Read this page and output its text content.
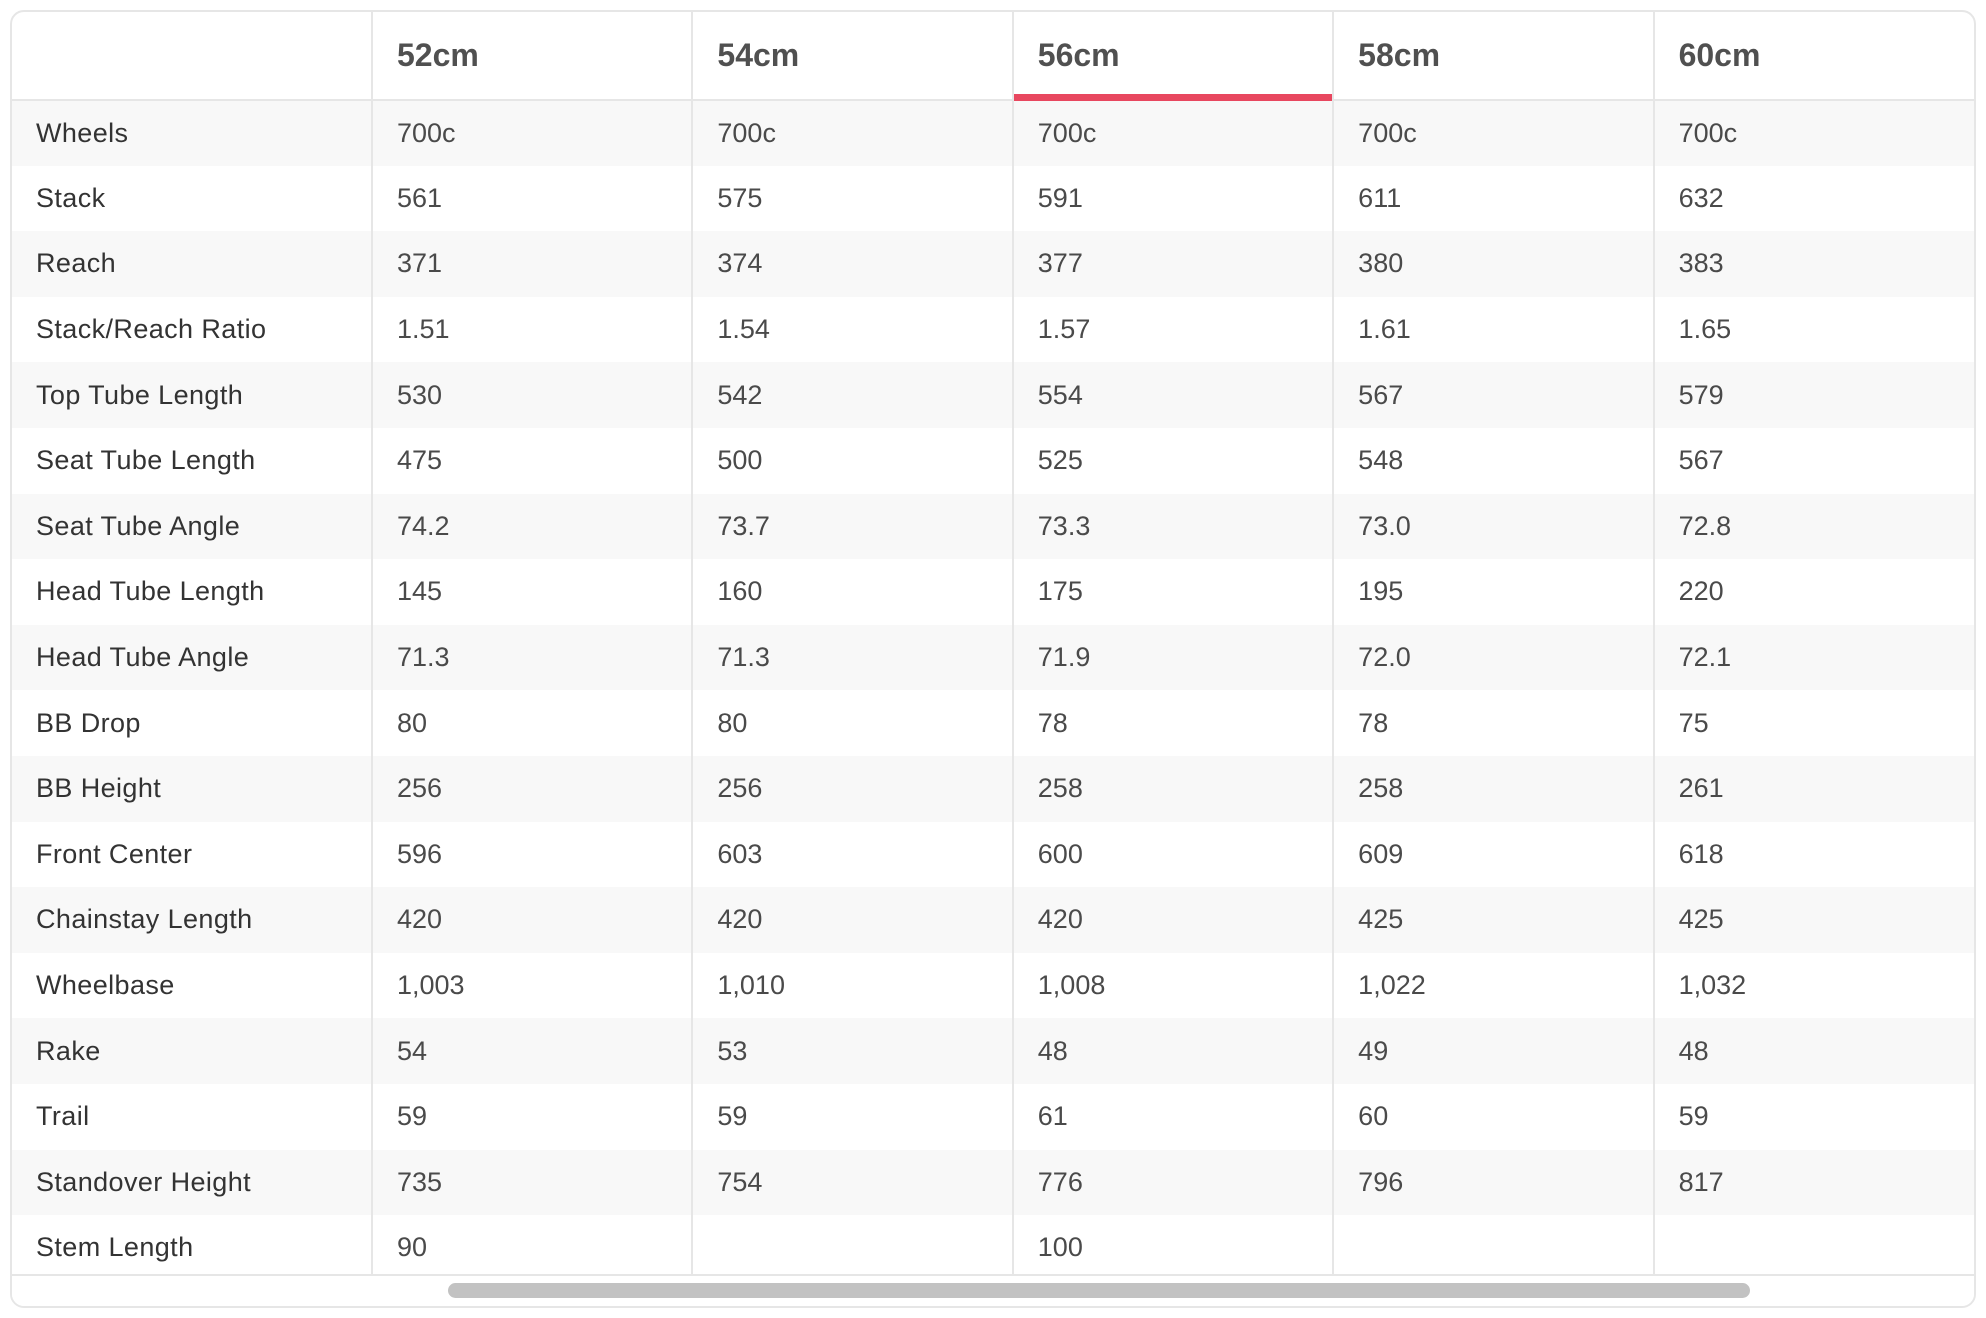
	52cm	54cm	56cm	58cm	60cm
Wheels	700c	700c	700c	700c	700c
Stack	561	575	591	611	632
Reach	371	374	377	380	383
Stack/Reach Ratio	1.51	1.54	1.57	1.61	1.65
Top Tube Length	530	542	554	567	579
Seat Tube Length	475	500	525	548	567
Seat Tube Angle	74.2	73.7	73.3	73.0	72.8
Head Tube Length	145	160	175	195	220
Head Tube Angle	71.3	71.3	71.9	72.0	72.1
BB Drop	80	80	78	78	75
BB Height	256	256	258	258	261
Front Center	596	603	600	609	618
Chainstay Length	420	420	420	425	425
Wheelbase	1,003	1,010	1,008	1,022	1,032
Rake	54	53	48	49	48
Trail	59	59	61	60	59
Standover Height	735	754	776	796	817
Stem Length	90		100		
